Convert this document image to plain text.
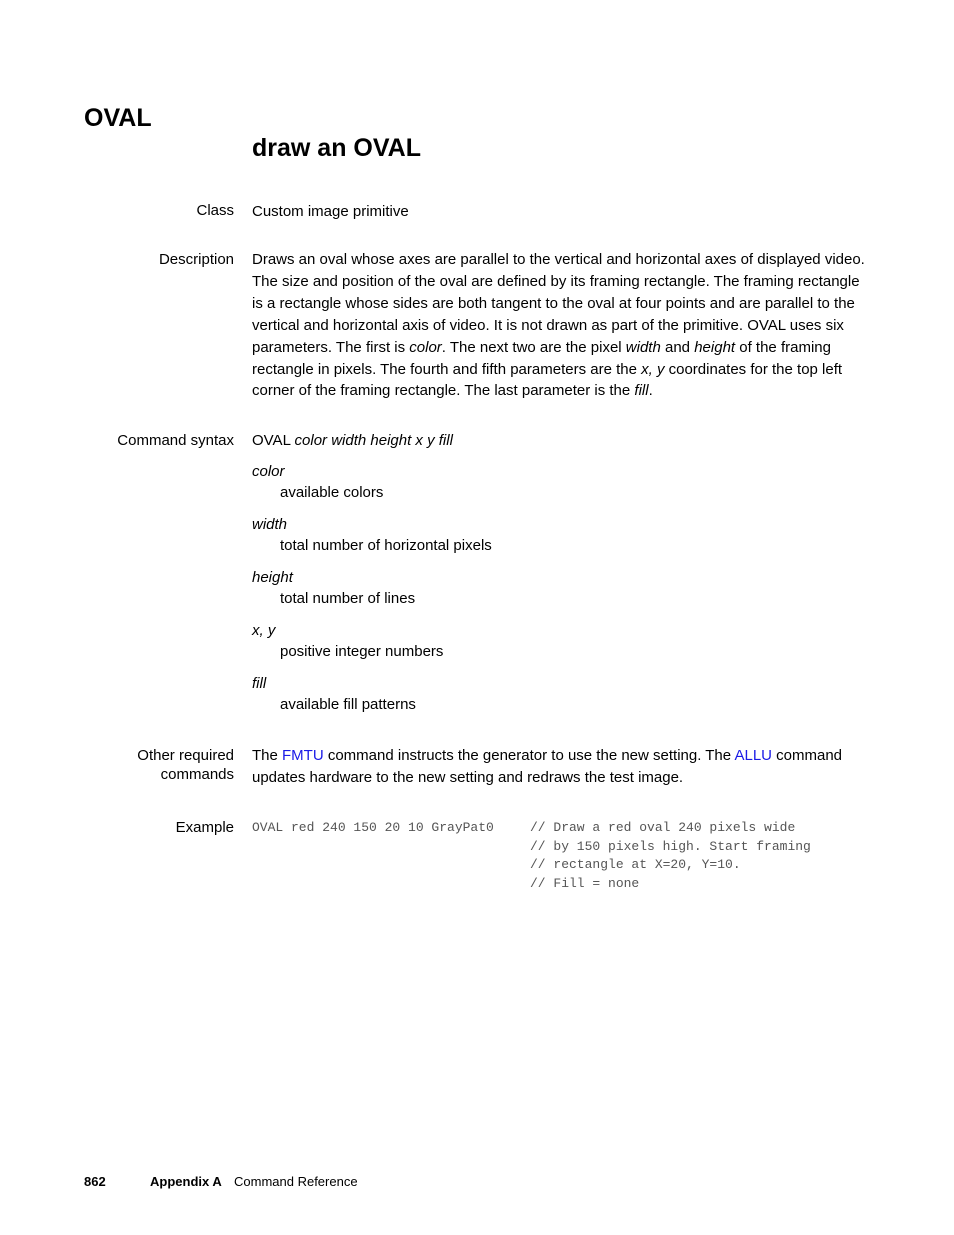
OVAL
draw an OVAL
Class Custom image primitive
Description Draws an oval whose axes are parallel to the vertical and horizontal axes of displayed video. The size and position of the oval are defined by its framing rectangle. The framing rectangle is a rectangle whose sides are both tangent to the oval at four points and are parallel to the vertical and horizontal axis of video. It is not drawn as part of the primitive. OVAL uses six parameters. The first is color. The next two are the pixel width and height of the framing rectangle in pixels. The fourth and fifth parameters are the x, y coordinates for the top left corner of the framing rectangle. The last parameter is the fill.
Command syntax OVAL color width height x y fill
color
available colors
width
total number of horizontal pixels
height
total number of lines
x, y
positive integer numbers
fill
available fill patterns
Other required
commands
The FMTU command instructs the generator to use the new setting. The ALLU command updates hardware to the new setting and redraws the test image.
Example OVAL red 240 150 20 10 GrayPat0	// Draw a red oval 240 pixels wide
// by 150 pixels high. Start framing
// rectangle at X=20, Y=10.
// Fill = none
862	Appendix A Command Reference
